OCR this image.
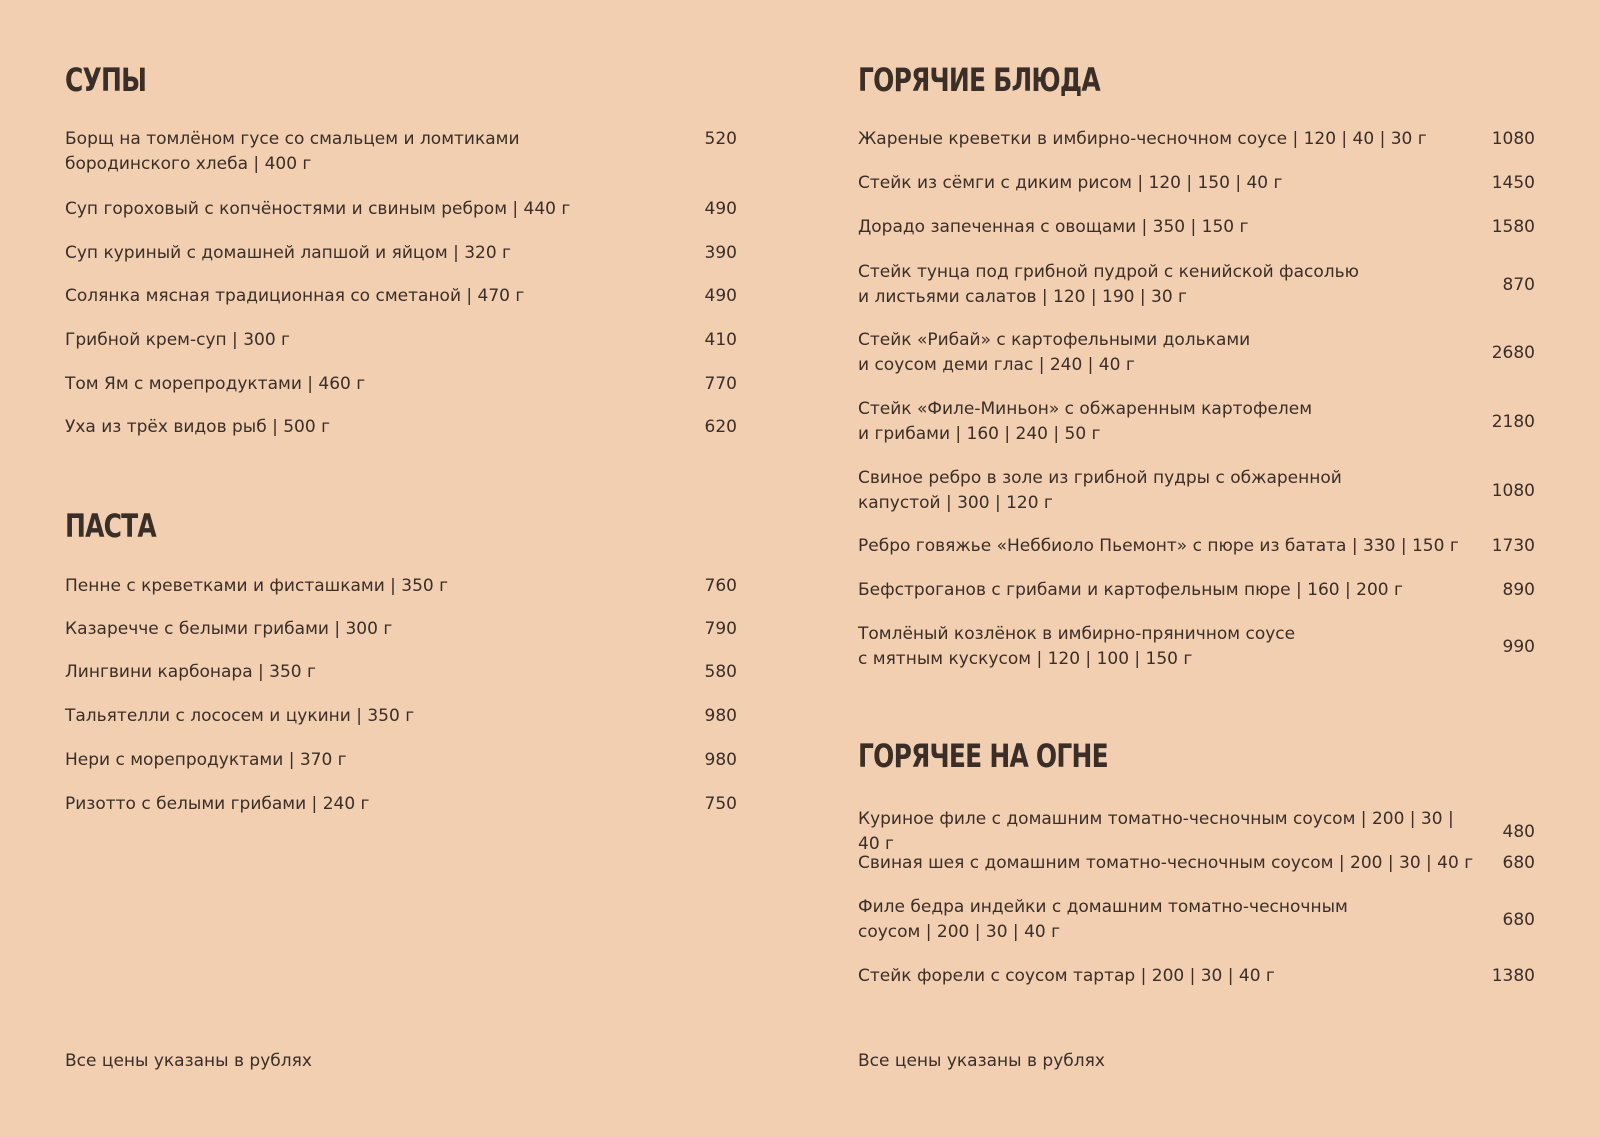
СУПЫ
Борщ на томлёном гусе со смальцем и ломтиками
бородинского хлеба | 400 г
520
Суп гороховый с копчёностями и свиным ребром | 440 г	490
Суп куриный с домашней лапшой и яйцом | 320 г	390
Солянка мясная традиционная со сметаной | 470 г	490
Грибной крем-суп | 300 г	410
Том Ям с морепродуктами | 460 г	770
Уха из трёх видов рыб | 500 г	620
ПАСТА
Пенне с креветками и фисташками | 350 г	760
Казаречче с белыми грибами | 300 г	790
Лингвини карбонара | 350 г	580
Тальятелли с лососем и цукини | 350 г	980
Нери с морепродуктами | 370 г	980
Ризотто с белыми грибами | 240 г	750
Все цены указаны в рублях
ГОРЯЧИЕ БЛЮДА
Жареные креветки в имбирно-чесночном соусе | 120 | 40 | 30 г	1080
Стейк из сёмги с диким рисом | 120 | 150 | 40 г	1450
Дорадо запеченная с овощами | 350 | 150 г	1580
Стейк тунца под грибной пудрой с кенийской фасолью
и листьями салатов | 120 | 190 | 30 г
870
Стейк «Рибай» с картофельными дольками
и соусом деми глас | 240 | 40 г
2680
Стейк «Филе-Миньон» с обжаренным картофелем
и грибами | 160 | 240 | 50 г
2180
Свиное ребро в золе из грибной пудры с обжаренной
капустой | 300 | 120 г
1080
Ребро говяжье «Неббиоло Пьемонт» с пюре из батата | 330 | 150 г	1730
Бефстроганов с грибами и картофельным пюре | 160 | 200 г	890
Томлёный козлёнок в имбирно-пряничном соусе
с мятным кускусом | 120 | 100 | 150 г
990
ГОРЯЧЕЕ НА ОГНЕ
Куриное филе с домашним томатно-чесночным соусом | 200 | 30 | 40 г
480
Свиная шея с домашним томатно-чесночным соусом | 200 | 30 | 40 г	680
Филе бедра индейки с домашним томатно-чесночным
соусом | 200 | 30 | 40 г
680
Стейк форели с соусом тартар | 200 | 30 | 40 г	1380
Все цены указаны в рублях
